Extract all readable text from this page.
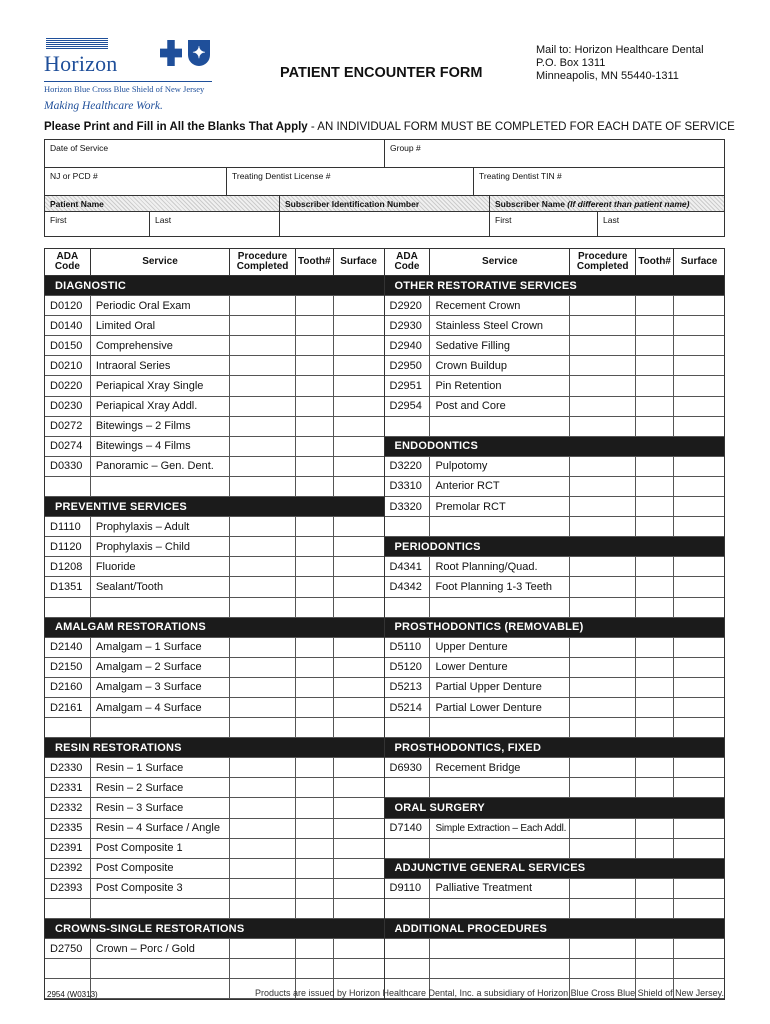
Horizon
Horizon Blue Cross Blue Shield of New Jersey
✦
Making Healthcare Work.
PATIENT ENCOUNTER FORM
Mail to: Horizon Healthcare Dental
P.O. Box 1311
Minneapolis, MN 55440-1311
Please Print and Fill in All the Blanks That Apply - AN INDIVIDUAL FORM MUST BE COMPLETED FOR EACH DATE OF SERVICE
Date of Service	Group #
NJ or PCD #	Treating Dentist License #	Treating Dentist TIN #
Patient Name	Subscriber Identification Number	Subscriber Name (If different than patient name)
First	Last	First	Last
ADA
Code	Service	Procedure
Completed Tooth# Surface
DIAGNOSTIC
D0120	Periodic Oral Exam
D0140	Limited Oral
D0150	Comprehensive
D0210	Intraoral Series
D0220	Periapical Xray Single
D0230	Periapical Xray Addl.
D0272	Bitewings – 2 Films
D0274	Bitewings – 4 Films
D0330	Panoramic – Gen. Dent.
PREVENTIVE SERVICES
D1110	Prophylaxis – Adult
D1120	Prophylaxis – Child
D1208	Fluoride
D1351	Sealant/Tooth
AMALGAM RESTORATIONS
D2140	Amalgam – 1 Surface
D2150	Amalgam – 2 Surface
D2160	Amalgam – 3 Surface
D2161	Amalgam – 4 Surface
RESIN RESTORATIONS
D2330	Resin – 1 Surface
D2331	Resin – 2 Surface
D2332	Resin – 3 Surface
D2335	Resin – 4 Surface / Angle
D2391	Post Composite 1
D2392	Post Composite
D2393	Post Composite 3
CROWNS-SINGLE RESTORATIONS
D2750	Crown – Porc / Gold
ADA
Code	Service	Procedure
Completed Tooth# Surface
OTHER RESTORATIVE SERVICES
D2920	Recement Crown
D2930	Stainless Steel Crown
D2940	Sedative Filling
D2950	Crown Buildup
D2951	Pin Retention
D2954	Post and Core
ENDODONTICS
D3220	Pulpotomy
D3310	Anterior RCT
D3320	Premolar RCT
PERIODONTICS
D4341	Root Planning/Quad.
D4342	Foot Planning 1-3 Teeth
PROSTHODONTICS (REMOVABLE)
D5110	Upper Denture
D5120	Lower Denture
D5213	Partial Upper Denture
D5214	Partial Lower Denture
PROSTHODONTICS, FIXED
D6930	Recement Bridge
ORAL SURGERY
D7140	Simple Extraction – Each Addl.
ADJUNCTIVE GENERAL SERVICES
D9110	Palliative Treatment
ADDITIONAL PROCEDURES
2954 (W0313)	Products are issued by Horizon Healthcare Dental, Inc. a subsidiary of Horizon Blue Cross Blue Shield of New Jersey.
